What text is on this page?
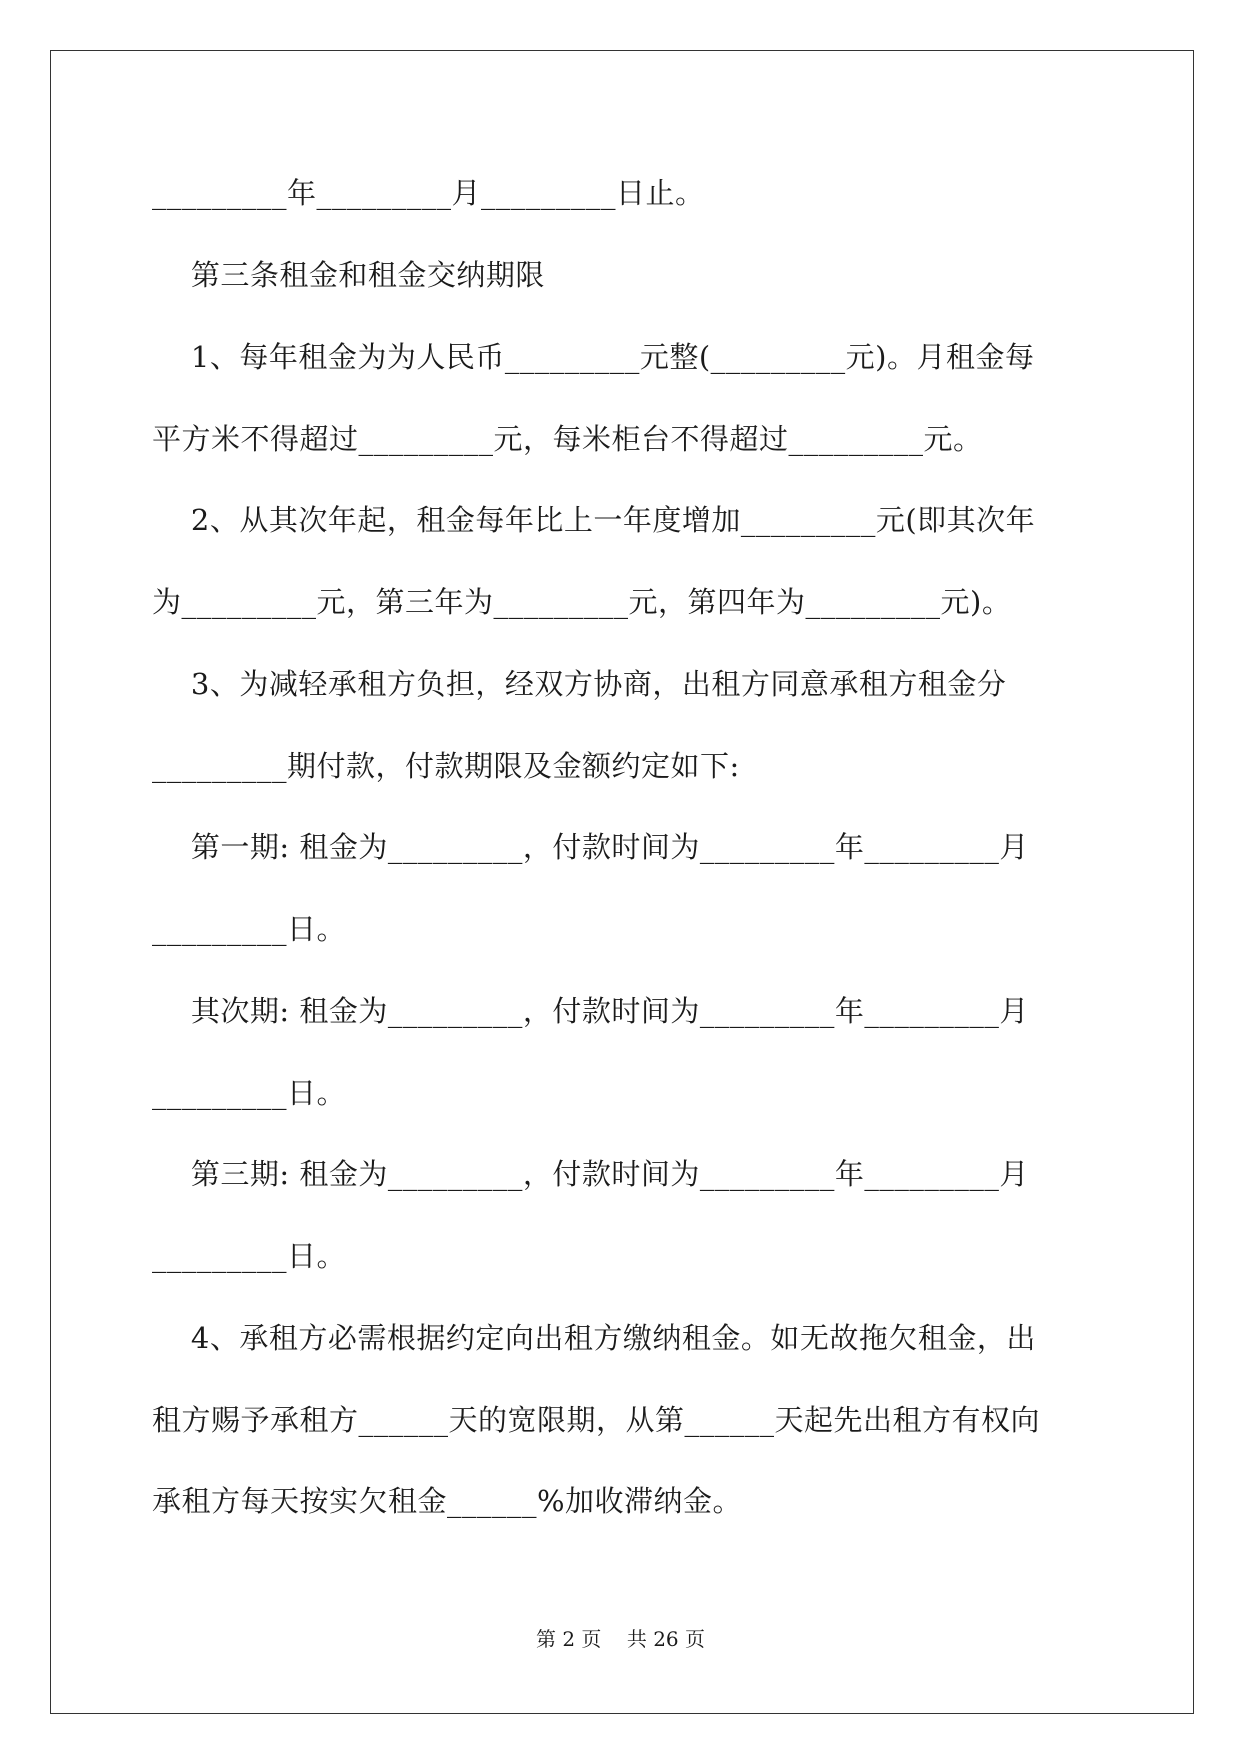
_________年_________月_________日止。
第三条租金和租金交纳期限
1、每年租金为为人民币_________元整(_________元)。月租金每
平方米不得超过_________元，每米柜台不得超过_________元。
2、从其次年起，租金每年比上一年度增加_________元(即其次年
为_________元，第三年为_________元，第四年为_________元)。
3、为减轻承租方负担，经双方协商，出租方同意承租方租金分
_________期付款，付款期限及金额约定如下:
第一期: 租金为_________，付款时间为_________年_________月
_________日。
其次期: 租金为_________，付款时间为_________年_________月
_________日。
第三期: 租金为_________，付款时间为_________年_________月
_________日。
4、承租方必需根据约定向出租方缴纳租金。如无故拖欠租金，出
租方赐予承租方______天的宽限期，从第______天起先出租方有权向
承租方每天按实欠租金______%加收滞纳金。
第 2 页    共 26 页
